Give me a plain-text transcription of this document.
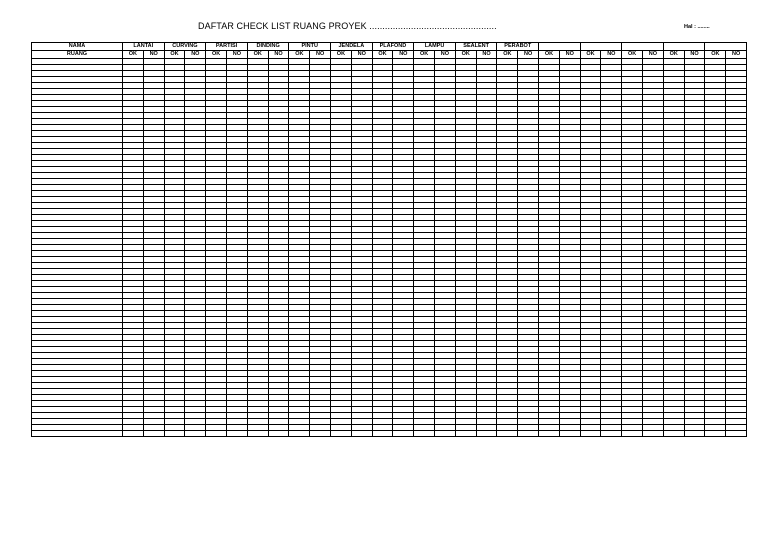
DAFTAR CHECK LIST RUANG PROYEK .................................................	Hal : ........
NAMA	LANTAI		CURVING		PARTISI		DINDING		PINTU		JENDELA		PLAFOND		LAMPU		SEALENT		PERABOT											
RUANG	OK	NO	OK	NO	OK	NO	OK	NO	OK	NO	OK	NO	OK	NO	OK	NO	OK	NO	OK	NO	OK	NO	OK	NO	OK	NO	OK	NO	OK	NO
